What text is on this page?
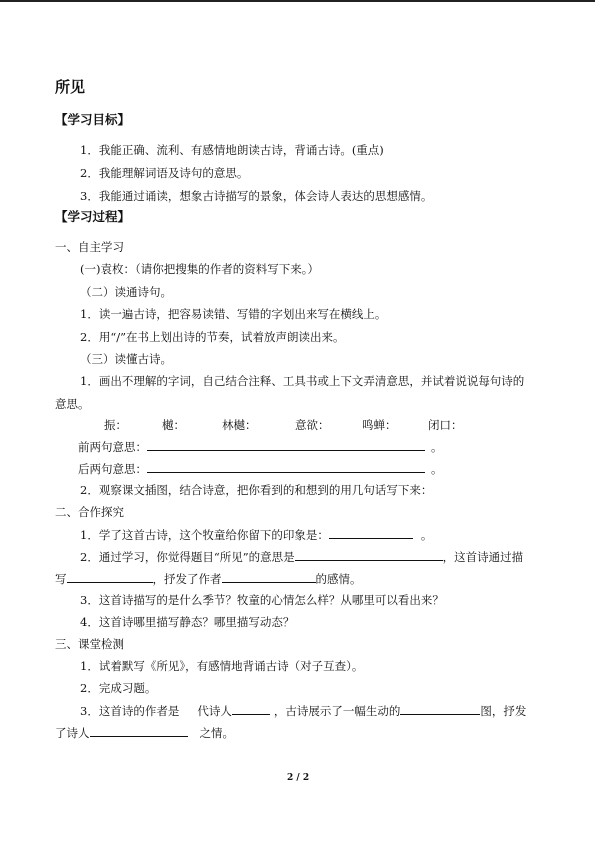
所见
【学习目标】
1．我能正确、流利、有感情地朗读古诗，背诵古诗。(重点)
2．我能理解词语及诗句的意思。
3．我能通过诵读，想象古诗描写的景象，体会诗人表达的思想感情。
【学习过程】
一、自主学习
(一)袁枚：（请你把搜集的作者的资料写下来。）
（二）读通诗句。
1．读一遍古诗，把容易读错、写错的字划出来写在横线上。
2．用“/”在书上划出诗的节奏，试着放声朗读出来。
（三）读懂古诗。
1．画出不理解的字词，自己结合注释、工具书或上下文弄清意思，并试着说说每句诗的
意思。
振：	樾：	林樾：	意欲：	鸣蝉：	闭口：
前两句意思：	。
后两句意思：	。
2．观察课文插图，结合诗意，把你看到的和想到的用几句话写下来：
二、合作探究
1．学了这首古诗，这个牧童给你留下的印象是：	。
2．通过学习，你觉得题目“所见”的意思是	，这首诗通过描
写	，抒发了作者	的感情。
3．这首诗描写的是什么季节？牧童的心情怎么样？从哪里可以看出来？
4．这首诗哪里描写静态？哪里描写动态？
三、课堂检测
1．试着默写《所见》，有感情地背诵古诗（对子互查）。
2．完成习题。
3．这首诗的作者是 代诗人	，古诗展示了一幅生动的	图，抒发
了诗人	之情。
2 / 2
